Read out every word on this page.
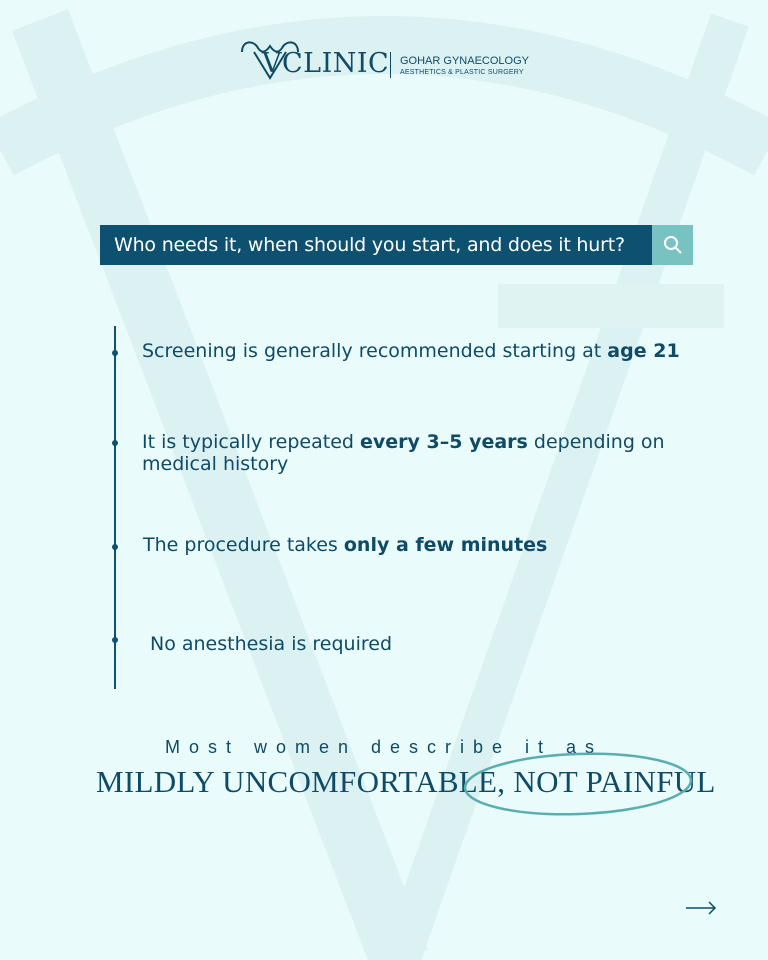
VCLINIC GOHAR GYNAECOLOGY
AESTHETICS & PLASTIC SURGERY
Who needs it, when should you start, and does it hurt?
Screening is generally recommended starting at age 21
It is typically repeated every 3–5 years depending on medical history
The procedure takes only a few minutes
No anesthesia is required
Most women describe it as
MILDLY UNCOMFORTABLE, NOT PAINFUL
